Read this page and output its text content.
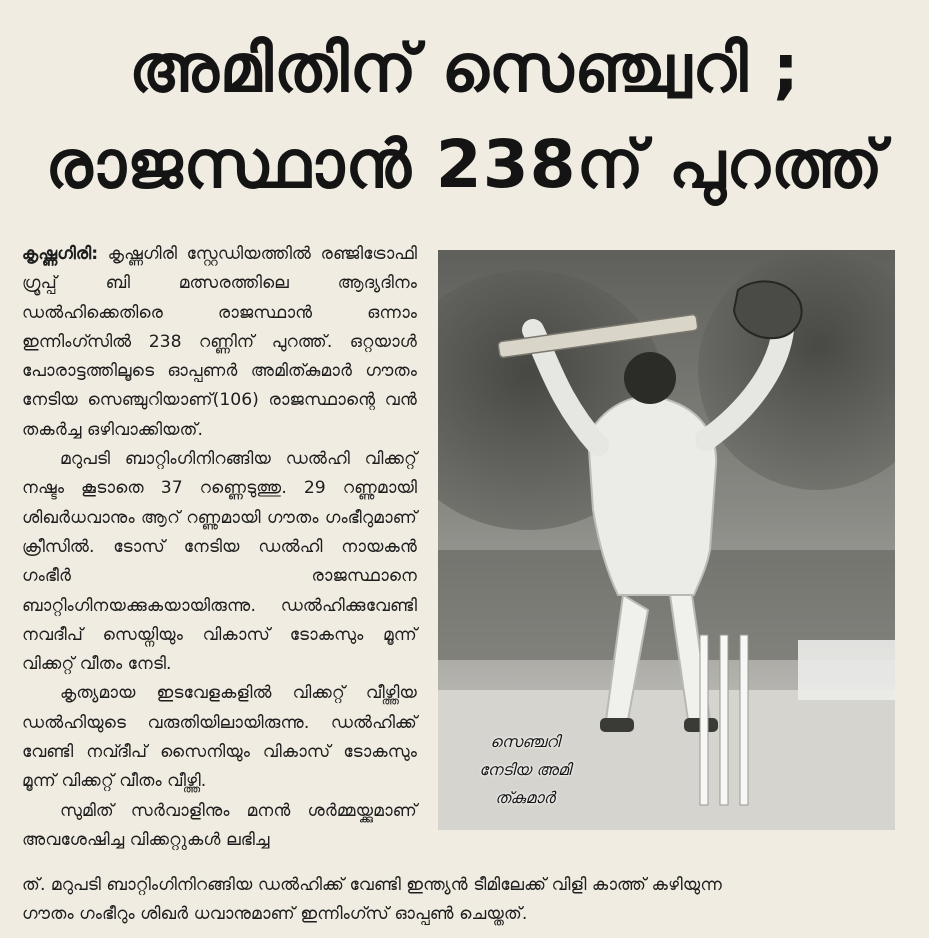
അമിതിന് സെഞ്ച്വറി ;
രാജസ്ഥാൻ 238ന് പുറത്ത്

കൃഷ്ണഗിരി: കൃഷ്ണഗിരി സ്റ്റേഡിയത്തിൽ രഞ്ജിട്രോഫി ഗ്രൂപ്പ് ബി മത്സരത്തിലെ ആദ്യദിനം ഡൽഹിക്കെതിരെ രാജസ്ഥാൻ ഒന്നാം ഇന്നിംഗ്സിൽ 238 റണ്ണിന് പുറത്ത്. ഒറ്റയാൾ പോരാട്ടത്തിലൂടെ ഓപ്പണർ അമിത്കുമാർ ഗൗതം നേടിയ സെഞ്ചുറിയാണ്(106) രാജസ്ഥാന്റെ വൻ തകർച്ച ഒഴിവാക്കിയത്.

മറുപടി ബാറ്റിംഗിനിറങ്ങിയ ഡൽഹി വിക്കറ്റ് നഷ്ടം കൂടാതെ 37 റണ്ണെടുത്തു. 29 റണ്ണുമായി ശിഖർധവാനും ആറ് റണ്ണുമായി ഗൗതം ഗംഭീറുമാണ് ക്രീസിൽ. ടോസ് നേടിയ ഡൽഹി നായകൻ ഗംഭീർ രാജസ്ഥാനെ ബാറ്റിംഗിനയക്കുകയായിരുന്നു. ഡൽഹിക്കുവേണ്ടി നവദീപ് സെയ്നിയും വികാസ് ടോകസും മൂന്ന് വിക്കറ്റ് വീതം നേടി.

കൃത്യമായ ഇടവേളകളിൽ വിക്കറ്റ് വീഴ്ത്തിയ ഡൽഹിയുടെ വരുതിയിലായിരുന്നു. ഡൽഹിക്ക് വേണ്ടി നവ്ദീപ് സൈനിയും വികാസ് ടോകസും മൂന്ന് വിക്കറ്റ് വീതം വീഴ്ത്തി.

സുമിത് സർവാളിനും മനൻ ശർമ്മയ്ക്കുമാണ് അവശേഷിച്ച വിക്കറ്റുകൾ ലഭിച്ച

ത്. മറുപടി ബാറ്റിംഗിനിറങ്ങിയ ഡൽഹിക്ക് വേണ്ടി ഇന്ത്യൻ ടീമിലേക്ക് വിളി കാത്ത് കഴിയുന്ന

ഗൗതം ഗംഭീറും ശിഖർ ധവാനുമാണ് ഇന്നിംഗ്സ് ഓപ്പൺ ചെയ്തത്.

സെഞ്ചറി
നേടിയ അമി
ത്കുമാർ
